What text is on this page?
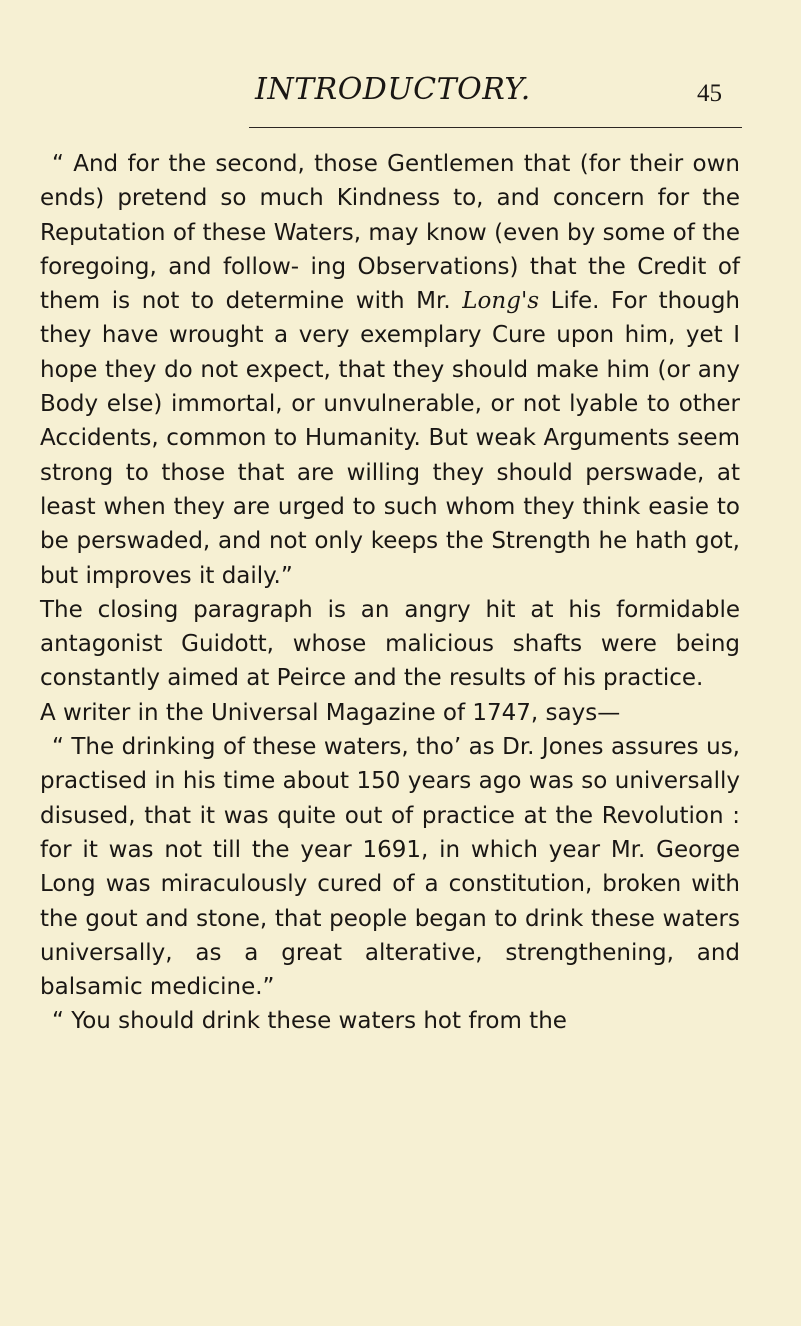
INTRODUCTORY.	45

“ And for the second, those Gentlemen that (for their own ends) pretend so much Kindness to, and concern for the Reputation of these Waters, may know (even by some of the foregoing, and follow- ing Observations) that the Credit of them is not to determine with Mr. Long's Life. For though they have wrought a very exemplary Cure upon him, yet I hope they do not expect, that they should make him (or any Body else) immortal, or unvulnerable, or not lyable to other Accidents, common to Humanity. But weak Arguments seem strong to those that are willing they should perswade, at least when they are urged to such whom they think easie to be perswaded, and not only keeps the Strength he hath got, but improves it daily.”

The closing paragraph is an angry hit at his formidable antagonist Guidott, whose malicious shafts were being constantly aimed at Peirce and the results of his practice.

A writer in the Universal Magazine of 1747, says—

“ The drinking of these waters, tho’ as Dr. Jones assures us, practised in his time about 150 years ago was so universally disused, that it was quite out of practice at the Revolution : for it was not till the year 1691, in which year Mr. George Long was miraculously cured of a constitution, broken with the gout and stone, that people began to drink these waters universally, as a great alterative, strengthening, and balsamic medicine.”

“ You should drink these waters hot from the
